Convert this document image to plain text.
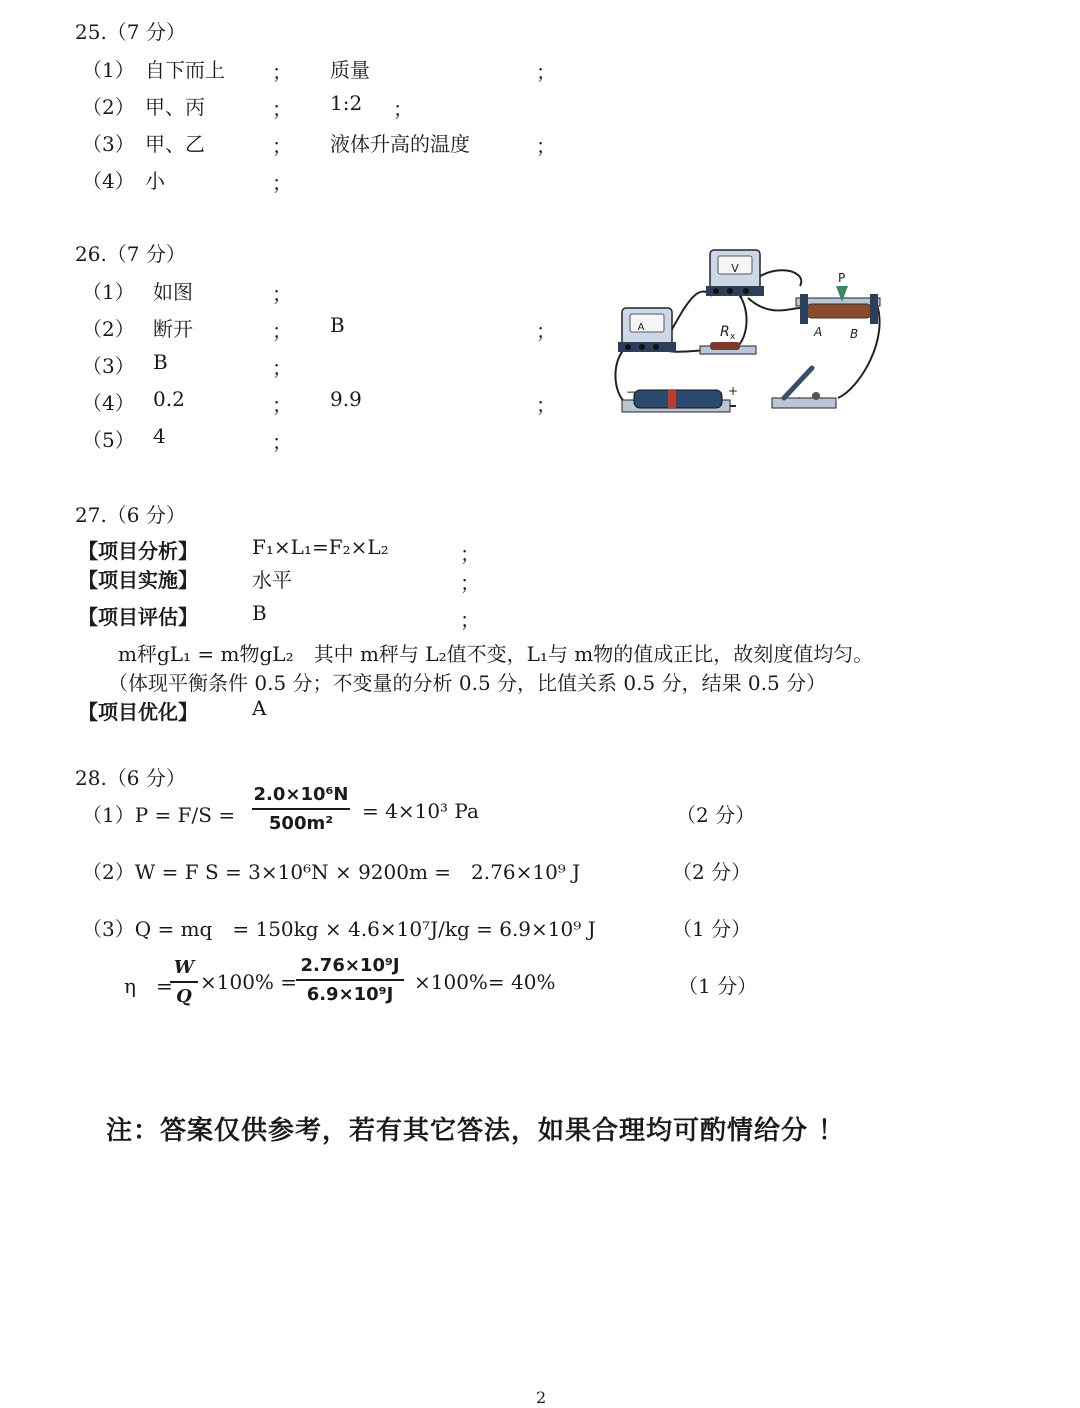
25.（7 分）
（1） 自下而上 ； 质量	；
（2） 甲、丙	； 1:2 ；
（3） 甲、乙	； 液体升高的温度	；
（4） 小	；
26.（7 分）
（1） 如图	；
（2） 断开	； B	；
（3） B	；
（4） 0.2	； 9.9	；
（5） 4	；
A
V
R x
P
A B
−	+
27.（6 分）
【项目分析】	F₁×L₁=F₂×L₂	；
【项目实施】	水平	；
【项目评估】	B	；
m秤gL₁ = m物gL₂　其中 m秤与 L₂值不变，L₁与 m物的值成正比，故刻度值均匀。
（体现平衡条件 0.5 分；不变量的分析 0.5 分，比值关系 0.5 分，结果 0.5 分）
【项目优化】	A
28.（6 分）
（1）P = F/S =
2.0×10⁶N
500m²
= 4×10³ Pa	（2 分）
（2）W = F S = 3×10⁶N × 9200m =　2.76×10⁹ J	（2 分）
（3）Q = mq　= 150kg × 4.6×10⁷J/kg = 6.9×10⁹ J	（1 分）
η　=
W
Q
×100% =
2.76×10⁹J
6.9×10⁹J
×100%= 40%	（1 分）
注：答案仅供参考，若有其它答法，如果合理均可酌情给分 ！
2
